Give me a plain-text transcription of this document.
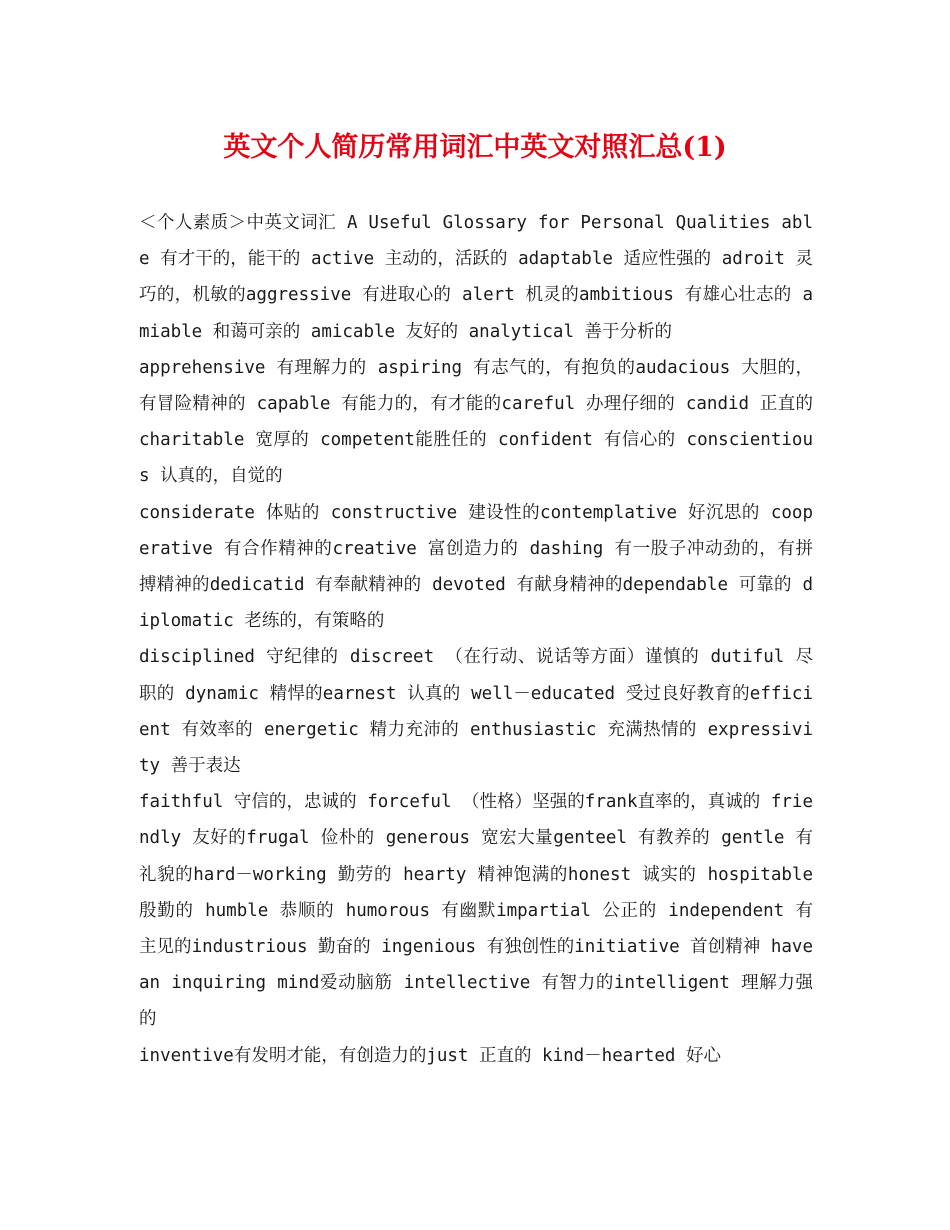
英文个人简历常用词汇中英文对照汇总(1)

＜个人素质＞中英文词汇 A Useful Glossary for Personal Qualities able 有才干的，能干的 active 主动的，活跃的 adaptable 适应性强的 adroit 灵巧的，机敏的aggressive 有进取心的 alert 机灵的ambitious 有雄心壮志的 amiable 和蔼可亲的 amicable 友好的 analytical 善于分析的

apprehensive 有理解力的 aspiring 有志气的，有抱负的audacious 大胆的，有冒险精神的 capable 有能力的，有才能的careful 办理仔细的 candid 正直的charitable 宽厚的 competent能胜任的 confident 有信心的 conscientious 认真的，自觉的

considerate 体贴的 constructive 建设性的contemplative 好沉思的 cooperative 有合作精神的creative 富创造力的 dashing 有一股子冲动劲的，有拼搏精神的dedicatid 有奉献精神的 devoted 有献身精神的dependable 可靠的 diplomatic 老练的，有策略的

disciplined 守纪律的 discreet （在行动、说话等方面）谨慎的 dutiful 尽职的 dynamic 精悍的earnest 认真的 well－educated 受过良好教育的efficient 有效率的 energetic 精力充沛的 enthusiastic 充满热情的 expressivity 善于表达

faithful 守信的，忠诚的 forceful （性格）坚强的frank直率的，真诚的 friendly 友好的frugal 俭朴的 generous 宽宏大量genteel 有教养的 gentle 有礼貌的hard－working 勤劳的 hearty 精神饱满的honest 诚实的 hospitable 殷勤的 humble 恭顺的 humorous 有幽默impartial 公正的 independent 有主见的industrious 勤奋的 ingenious 有独创性的initiative 首创精神 have an inquiring mind爱动脑筋 intellective 有智力的intelligent 理解力强的

inventive有发明才能，有创造力的just 正直的 kind－hearted 好心
